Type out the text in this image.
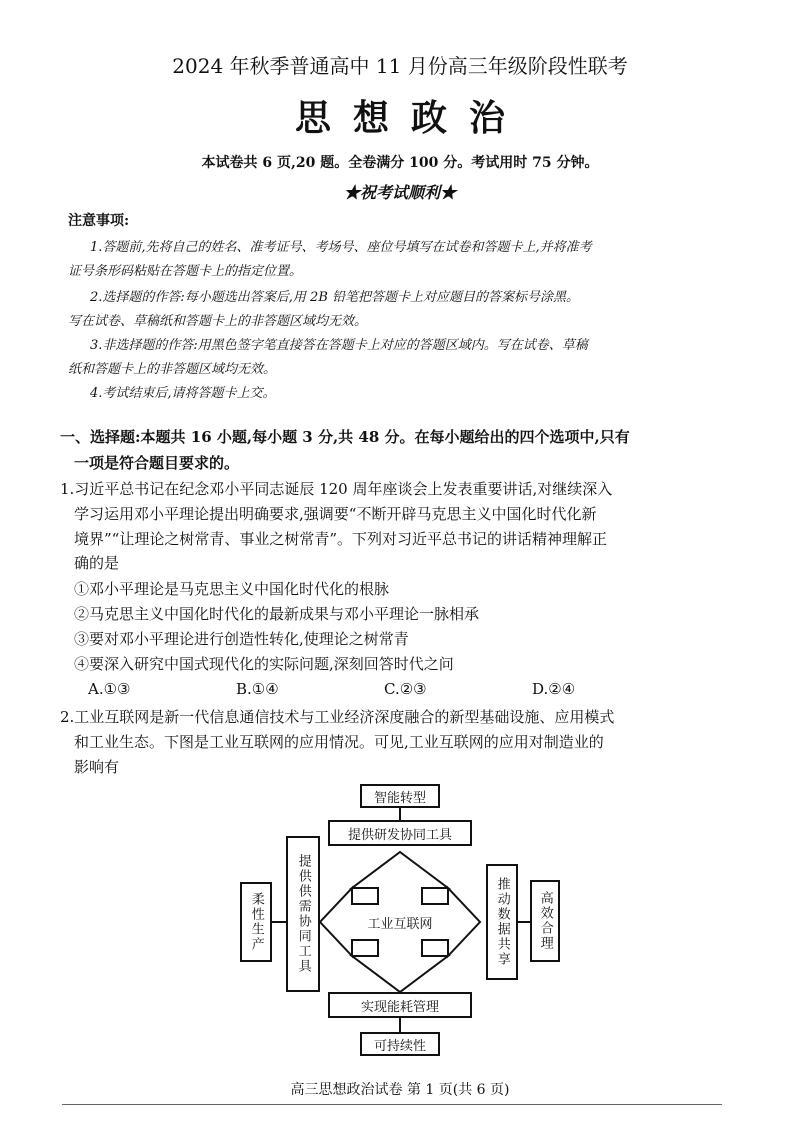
2024 年秋季普通高中 11 月份高三年级阶段性联考
思想政治
本试卷共 6 页,20 题。全卷满分 100 分。考试用时 75 分钟。
★祝考试顺利★
注意事项:
1.答题前,先将自己的姓名、准考证号、考场号、座位号填写在试卷和答题卡上,并将准考
证号条形码粘贴在答题卡上的指定位置。
2.选择题的作答:每小题选出答案后,用 2B 铅笔把答题卡上对应题目的答案标号涂黑。
写在试卷、草稿纸和答题卡上的非答题区域均无效。
3.非选择题的作答:用黑色签字笔直接答在答题卡上对应的答题区域内。写在试卷、草稿
纸和答题卡上的非答题区域均无效。
4.考试结束后,请将答题卡上交。
一、选择题:本题共 16 小题,每小题 3 分,共 48 分。在每小题给出的四个选项中,只有
一项是符合题目要求的。
1.习近平总书记在纪念邓小平同志诞辰 120 周年座谈会上发表重要讲话,对继续深入
学习运用邓小平理论提出明确要求,强调要“不断开辟马克思主义中国化时代化新
境界”“让理论之树常青、事业之树常青”。下列对习近平总书记的讲话精神理解正
确的是
①邓小平理论是马克思主义中国化时代化的根脉
②马克思主义中国化时代化的最新成果与邓小平理论一脉相承
③要对邓小平理论进行创造性转化,使理论之树常青
④要深入研究中国式现代化的实际问题,深刻回答时代之问
A.①③	B.①④	C.②③	D.②④
2.工业互联网是新一代信息通信技术与工业经济深度融合的新型基础设施、应用模式
和工业生态。下图是工业互联网的应用情况。可见,工业互联网的应用对制造业的
影响有
工业互联网
智能转型
提供研发协同工具
提供供需协同工具
柔性生产	推动数据共享	高效合理
实现能耗管理
可持续性
高三思想政治试卷 第 1 页(共 6 页)
